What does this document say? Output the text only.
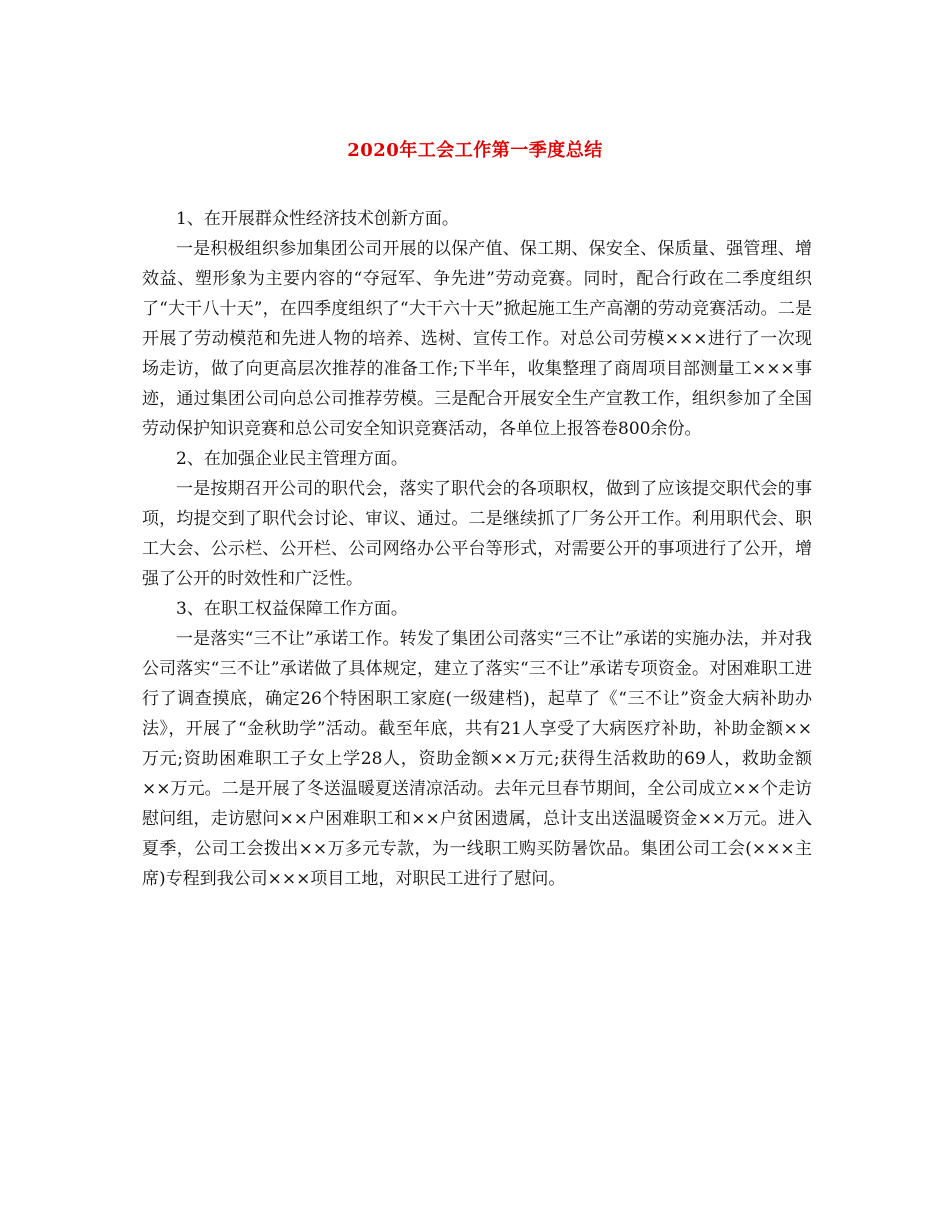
2020年工会工作第一季度总结

1、在开展群众性经济技术创新方面。

一是积极组织参加集团公司开展的以保产值、保工期、保安全、保质量、强管理、增效益、塑形象为主要内容的“夺冠军、争先进”劳动竞赛。同时，配合行政在二季度组织了“大干八十天”，在四季度组织了“大干六十天”掀起施工生产高潮的劳动竞赛活动。二是开展了劳动模范和先进人物的培养、选树、宣传工作。对总公司劳模×××进行了一次现场走访，做了向更高层次推荐的准备工作;下半年，收集整理了商周项目部测量工×××事迹，通过集团公司向总公司推荐劳模。三是配合开展安全生产宣教工作，组织参加了全国劳动保护知识竞赛和总公司安全知识竞赛活动，各单位上报答卷800余份。

2、在加强企业民主管理方面。

一是按期召开公司的职代会，落实了职代会的各项职权，做到了应该提交职代会的事项，均提交到了职代会讨论、审议、通过。二是继续抓了厂务公开工作。利用职代会、职工大会、公示栏、公开栏、公司网络办公平台等形式，对需要公开的事项进行了公开，增强了公开的时效性和广泛性。

3、在职工权益保障工作方面。

一是落实“三不让”承诺工作。转发了集团公司落实“三不让”承诺的实施办法，并对我公司落实“三不让”承诺做了具体规定，建立了落实“三不让”承诺专项资金。对困难职工进行了调查摸底，确定26个特困职工家庭(一级建档)，起草了《“三不让”资金大病补助办法》，开展了“金秋助学”活动。截至年底，共有21人享受了大病医疗补助，补助金额××万元;资助困难职工子女上学28人，资助金额××万元;获得生活救助的69人，救助金额××万元。二是开展了冬送温暖夏送清凉活动。去年元旦春节期间，全公司成立××个走访慰问组，走访慰问××户困难职工和××户贫困遗属，总计支出送温暖资金××万元。进入夏季，公司工会拨出××万多元专款，为一线职工购买防暑饮品。集团公司工会(×××主席)专程到我公司×××项目工地，对职民工进行了慰问。
